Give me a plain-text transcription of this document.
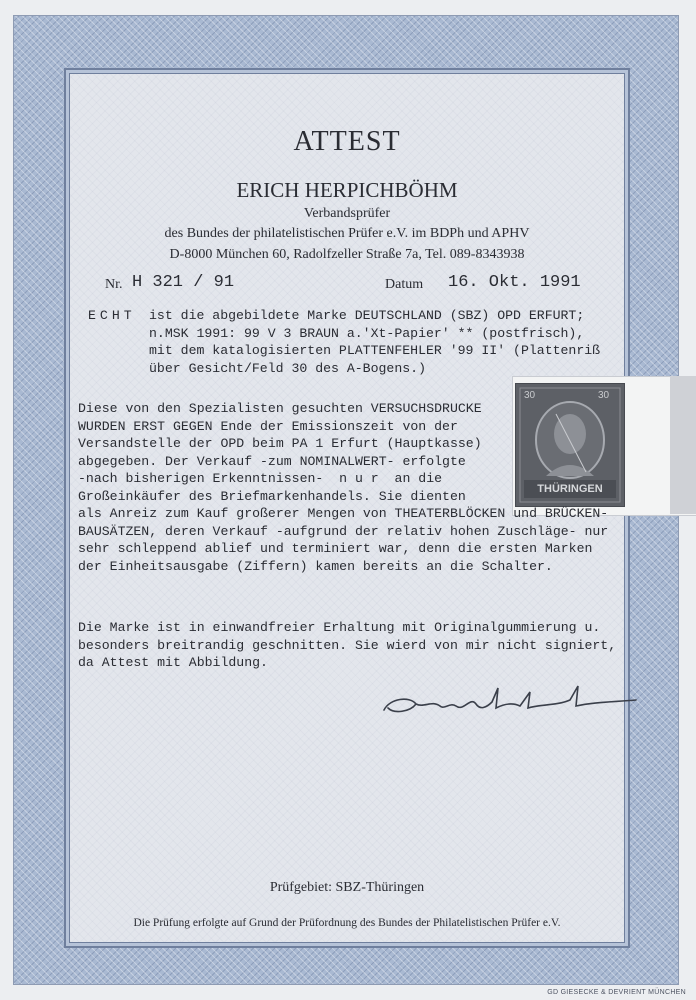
ATTEST
ERICH HERPICHBÖHM
Verbandsprüfer
des Bundes der philatelistischen Prüfer e.V. im BDPh und APHV
D-8000 München 60, Radolfzeller Straße 7a, Tel. 089-8343938
Nr. H 321 / 91	Datum 16. Okt. 1991
ECHT ist die abgebildete Marke DEUTSCHLAND (SBZ) OPD ERFURT;
n.MSK 1991: 99 V 3 BRAUN a.'Xt-Papier' ** (postfrisch),
mit dem katalogisierten PLATTENFEHLER '99 II' (Plattenriß
über Gesicht/Feld 30 des A-Bogens.)
30	30
THÜRINGEN
Diese von den Spezialisten gesuchten VERSUCHSDRUCKE
WURDEN ERST GEGEN Ende der Emissionszeit von der
Versandstelle der OPD beim PA 1 Erfurt (Hauptkasse)
abgegeben. Der Verkauf -zum NOMINALWERT- erfolgte
-nach bisherigen Erkenntnissen-  n u r  an die
Großeinkäufer des Briefmarkenhandels. Sie dienten
als Anreiz zum Kauf großerer Mengen von THEATERBLÖCKEN und BRÜCKEN-
BAUSÄTZEN, deren Verkauf -aufgrund der relativ hohen Zuschläge- nur
sehr schleppend ablief und terminiert war, denn die ersten Marken
der Einheitsausgabe (Ziffern) kamen bereits an die Schalter.
Die Marke ist in einwandfreier Erhaltung mit Originalgummierung u.
besonders breitrandig geschnitten. Sie wierd von mir nicht signiert,
da Attest mit Abbildung.
Prüfgebiet: SBZ-Thüringen
Die Prüfung erfolgte auf Grund der Prüfordnung des Bundes der Philatelistischen Prüfer e.V.
GD GIESECKE & DEVRIENT MÜNCHEN
